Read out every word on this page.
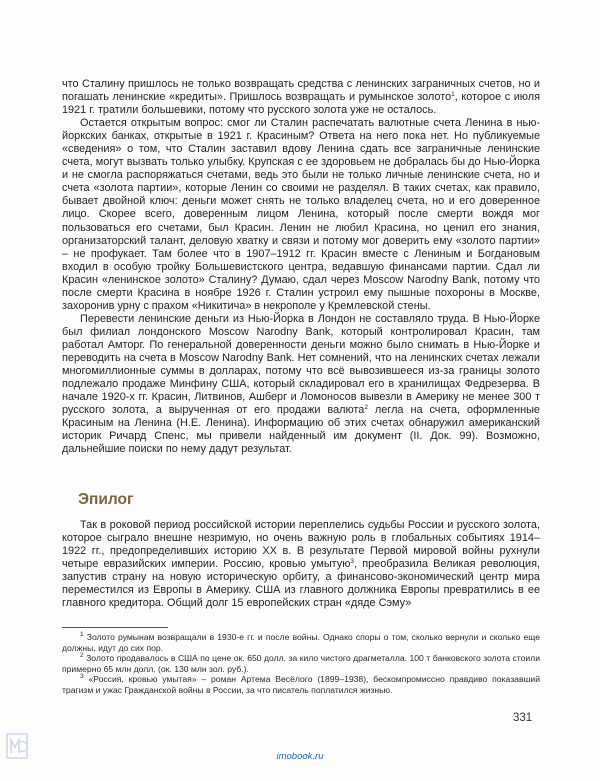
что Сталину пришлось не только возвращать средства с ленинских заграничных счетов, но и погашать ленинские «кредиты». Пришлось возвращать и румынское золото$^1$, которое с июля 1921 г. тратили большевики, потому что русского золота уже не осталось.

Остается открытым вопрос: смог ли Сталин распечатать валютные счета Ленина в нью-йоркских банках, открытые в 1921 г. Красиным? Ответа на него пока нет. Но публикуемые «сведения» о том, что Сталин заставил вдову Ленина сдать все заграничные ленинские счета, могут вызвать только улыбку. Крупская с ее здоровьем не добралась бы до Нью-Йорка и не смогла распоряжаться счетами, ведь это были не только личные ленинские счета, но и счета «золота партии», которые Ленин со своими не разделял. В таких счетах, как правило, бывает двойной ключ: деньги может снять не только владелец счета, но и его доверенное лицо. Скорее всего, доверенным лицом Ленина, который после смерти вождя мог пользоваться его счетами, был Красин. Ленин не любил Красина, но ценил его знания, организаторский талант, деловую хватку и связи и потому мог доверить ему «золото партии» – не профукает. Там более что в 1907–1912 гг. Красин вместе с Лениным и Богдановым входил в особую тройку Большевистского центра, ведавшую финансами партии. Сдал ли Красин «ленинское золото» Сталину? Думаю, сдал через Moscow Narodny Bank, потому что после смерти Красина в ноябре 1926 г. Сталин устроил ему пышные похороны в Москве, захоронив урну с прахом «Никитича» в некрополе у Кремлевской стены.

Перевести ленинские деньги из Нью-Йорка в Лондон не составляло труда. В Нью-Йорке был филиал лондонского Moscow Narodny Bank, который контролировал Красин, там работал Амторг. По генеральной доверенности деньги можно было снимать в Нью-Йорке и переводить на счета в Moscow Narodny Bank. Нет сомнений, что на ленинских счетах лежали многомиллионные суммы в долларах, потому что всё вывозившееся из-за границы золото подлежало продаже Минфину США, который складировал его в хранилищах Федрезерва. В начале 1920-х гг. Красин, Литвинов, Ашберг и Ломоносов вывезли в Америку не менее 300 т русского золота, а вырученная от его продажи валюта$^2$ легла на счета, оформленные Красиным на Ленина (Н.Е. Ленина). Информацию об этих счетах обнаружил американский историк Ричард Спенс, мы привели найденный им документ (II. Док. 99). Возможно, дальнейшие поиски по нему дадут результат.

Эпилог

Так в роковой период российской истории переплелись судьбы России и русского золота, которое сыграло внешне незримую, но очень важную роль в глобальных событиях 1914–1922 гг., предопределивших историю XX в. В результате Первой мировой войны рухнули четыре евразийских империи. Россию, кровью умытую$^3$, преобразила Великая революция, запустив страну на новую историческую орбиту, а финансово-экономический центр мира переместился из Европы в Америку. США из главного должника Европы превратились в ее главного кредитора. Общий долг 15 европейских стран «дяде Сэму»

$^1$ Золото румынам возвращали в 1930-е гг. и после войны. Однако споры о том, сколько вернули и сколько еще должны, идут до сих пор.

$^2$ Золото продавалось в США по цене ок. 650 долл. за кило чистого драгметалла. 100 т банковского золота стоили примерно 65 млн долл. (ок. 130 млн зол. руб.).

$^3$ «Россия, кровью умытая» – роман Артема Весёлого (1899–1938), бескомпромиссно правдиво показавший трагизм и ужас Гражданской войны в России, за что писатель поплатился жизнью.

331
imobook.ru
